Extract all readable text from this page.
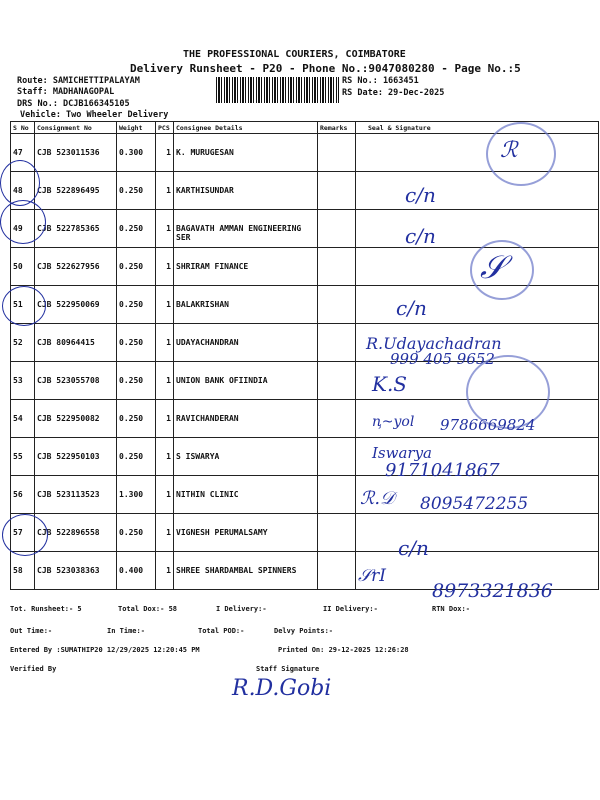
THE PROFESSIONAL COURIERS, COIMBATORE
Delivery Runsheet - P20 - Phone No.:9047080280 - Page No.:5
Route: SAMICHETTIPALAYAM
Staff: MADHANAGOPAL
DRS No.: DCJB166345105
Vehicle: Two Wheeler Delivery
RS No.: 1663451
RS Date: 29-Dec-2025
S No	Consignment No	Weight	PCS	Consignee Details	Remarks	Seal & Signature
47	CJB 523011536	0.300	1	K. MURUGESAN		
48	CJB 522896495	0.250	1	KARTHISUNDAR		
49	CJB 522785365	0.250	1	BAGAVATH AMMAN ENGINEERING SER		
50	CJB 522627956	0.250	1	SHRIRAM FINANCE		
51	CJB 522950069	0.250	1	BALAKRISHAN		
52	CJB 80964415	0.250	1	UDAYACHANDRAN		
53	CJB 523055708	0.250	1	UNION BANK OFIINDIA		
54	CJB 522950082	0.250	1	RAVICHANDERAN		
55	CJB 522950103	0.250	1	S ISWARYA		
56	CJB 523113523	1.300	1	NITHIN CLINIC		
57	CJB 522896558	0.250	1	VIGNESH PERUMALSAMY		
58	CJB 523038363	0.400	1	SHREE SHARDAMBAL SPINNERS		
ℛ
c/n
c/n
𝒮
c/n
R.Udayachadran
999 405 9652
K.S
ꞑ~yol 9786669824
Iswarya
9171041867
ℛ.𝒟 8095472255
c/n
𝒮rI
8973321836
Tot. Runsheet:- 5	Total Dox:- 58	I Delivery:-	II Delivery:-	RTN Dox:-
Out Time:-	In Time:-	Total POD:-	Delvy Points:-
Entered By :SUMATHIP20 12/29/2025 12:20:45 PM	Printed On: 29-12-2025 12:26:28
Verified By	Staff Signature
R.D.Gobi
